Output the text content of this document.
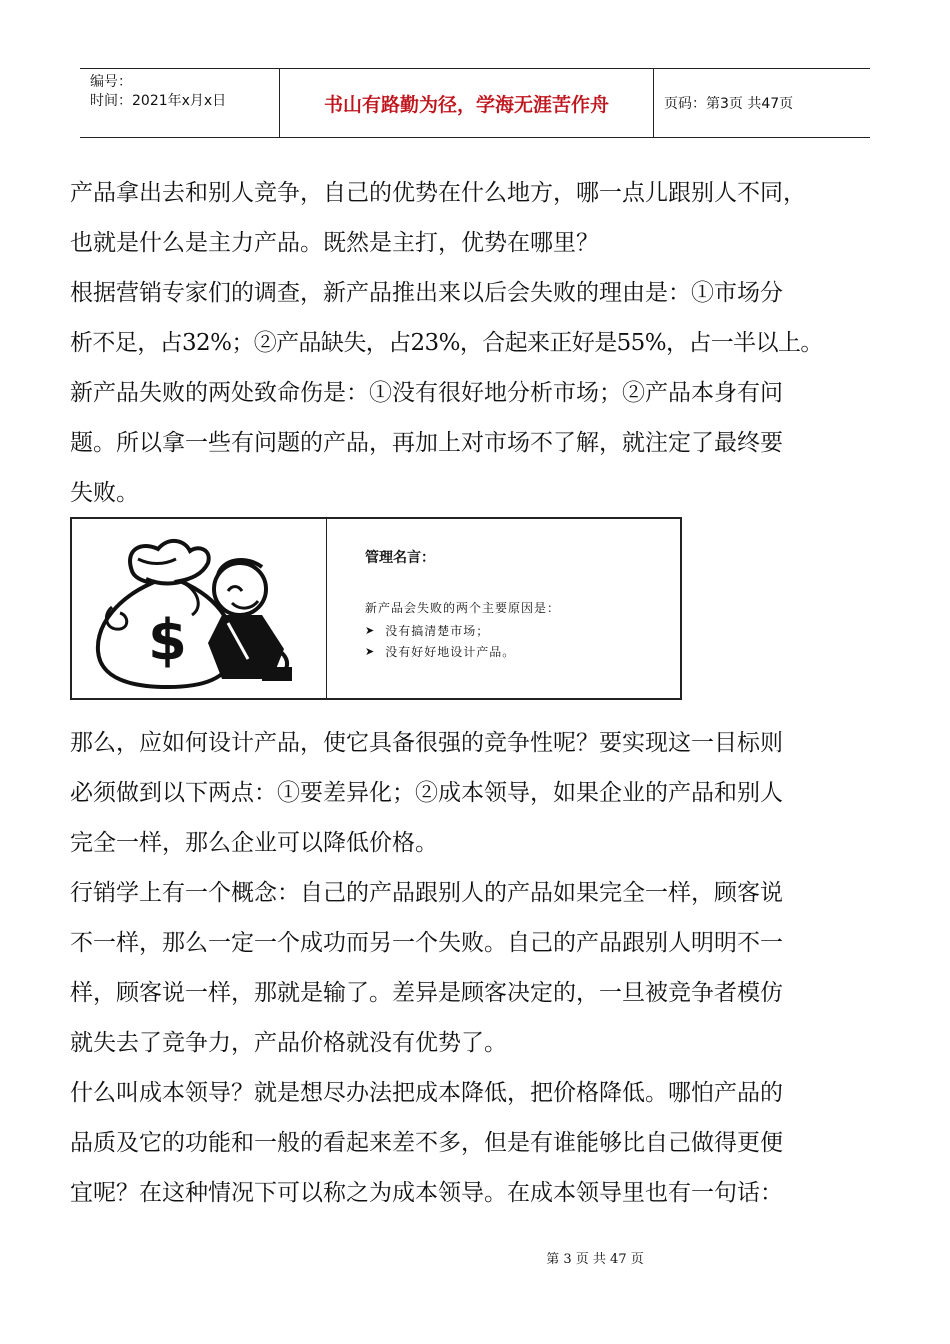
编号：
时间：2021年x月x日	书山有路勤为径，学海无涯苦作舟	页码：第3页 共47页

产品拿出去和别人竞争，自己的优势在什么地方，哪一点儿跟别人不同，

也就是什么是主力产品。既然是主打，优势在哪里？

根据营销专家们的调查，新产品推出来以后会失败的理由是：①市场分

析不足，占32%；②产品缺失，占23%，合起来正好是55%，占一半以上。

新产品失败的两处致命伤是：①没有很好地分析市场；②产品本身有问

题。所以拿一些有问题的产品，再加上对市场不了解，就注定了最终要

失败。

$
管理名言：
新产品会失败的两个主要原因是：
➤ 没有搞清楚市场；
➤ 没有好好地设计产品。

那么，应如何设计产品，使它具备很强的竞争性呢？要实现这一目标则

必须做到以下两点：①要差异化；②成本领导，如果企业的产品和别人

完全一样，那么企业可以降低价格。

行销学上有一个概念：自己的产品跟别人的产品如果完全一样，顾客说

不一样，那么一定一个成功而另一个失败。自己的产品跟别人明明不一

样，顾客说一样，那就是输了。差异是顾客决定的，一旦被竞争者模仿

就失去了竞争力，产品价格就没有优势了。

什么叫成本领导？就是想尽办法把成本降低，把价格降低。哪怕产品的

品质及它的功能和一般的看起来差不多，但是有谁能够比自己做得更便

宜呢？在这种情况下可以称之为成本领导。在成本领导里也有一句话：

第 3 页 共 47 页
